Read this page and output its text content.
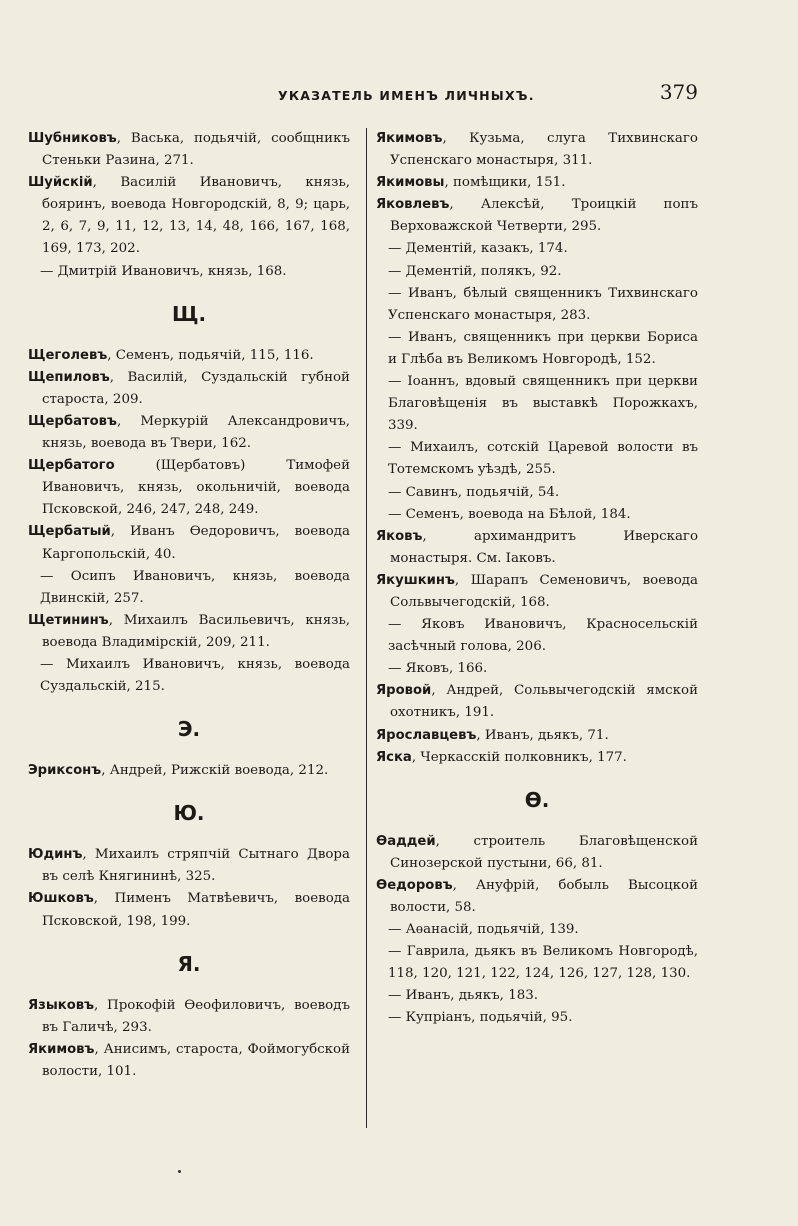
УКАЗАТЕЛЬ ИМЕНЪ ЛИЧНЫХЪ.	379

Шубниковъ, Васька, подьячій, сообщникъ Стеньки Разина, 271.

Шуйскій, Василій Ивановичъ, князь, бояринъ, воевода Новгородскій, 8, 9; царь, 2, 6, 7, 9, 11, 12, 13, 14, 48, 166, 167, 168, 169, 173, 202.

— Дмитрій Ивановичъ, князь, 168.

Щ.

Щеголевъ, Семенъ, подьячій, 115, 116.

Щепиловъ, Василій, Суздальскій губной староста, 209.

Щербатовъ, Меркурій Александровичъ, князь, воевода въ Твери, 162.

Щербатого (Щербатовъ) Тимофей Ивановичъ, князь, окольничій, воевода Псковской, 246, 247, 248, 249.

Щербатый, Иванъ Өедоровичъ, воевода Каргопольскій, 40.

— Осипъ Ивановичъ, князь, воевода Двинскій, 257.

Щетининъ, Михаилъ Васильевичъ, князь, воевода Владимірскій, 209, 211.

— Михаилъ Ивановичъ, князь, воевода Суздальскій, 215.

Э.

Эриксонъ, Андрей, Рижскій воевода, 212.

Ю.

Юдинъ, Михаилъ стряпчій Сытнаго Двора въ селѣ Княгининѣ, 325.

Юшковъ, Пименъ Матвѣевичъ, воевода Псковской, 198, 199.

Я.

Языковъ, Прокофій Өеофиловичъ, воеводъ въ Галичѣ, 293.

Якимовъ, Анисимъ, староста, Фоймогубской волости, 101.

Якимовъ, Кузьма, слуга Тихвинскаго Успенскаго монастыря, 311.

Якимовы, помѣщики, 151.

Яковлевъ, Алексѣй, Троицкій попъ Верховажской Четверти, 295.

— Дементій, казакъ, 174.

— Дементій, полякъ, 92.

— Иванъ, бѣлый священникъ Тихвинскаго Успенскаго монастыря, 283.

— Иванъ, священникъ при церкви Бориса и Глѣба въ Великомъ Новгородѣ, 152.

— Іоаннъ, вдовый священникъ при церкви Благовѣщенія въ выставкѣ Порожкахъ, 339.

— Михаилъ, сотскій Царевой волости въ Тотемскомъ уѣздѣ, 255.

— Савинъ, подьячій, 54.

— Семенъ, воевода на Бѣлой, 184.

Яковъ, архимандритъ Иверскаго монастыря. См. Іаковъ.

Якушкинъ, Шарапъ Семеновичъ, воевода Сольвычегодскій, 168.

— Яковъ Ивановичъ, Красносельскій засѣчный голова, 206.

— Яковъ, 166.

Яровой, Андрей, Сольвычегодскій ямской охотникъ, 191.

Ярославцевъ, Иванъ, дьякъ, 71.

Яска, Черкасскій полковникъ, 177.

Ѳ.

Ѳаддей, строитель Благовѣщенской Синозерской пустыни, 66, 81.

Ѳедоровъ, Ануфрій, бобыль Высоцкой волости, 58.

— Аѳанасій, подьячій, 139.

— Гаврила, дьякъ въ Великомъ Новгородѣ, 118, 120, 121, 122, 124, 126, 127, 128, 130.

— Иванъ, дьякъ, 183.

— Купріанъ, подьячій, 95.
